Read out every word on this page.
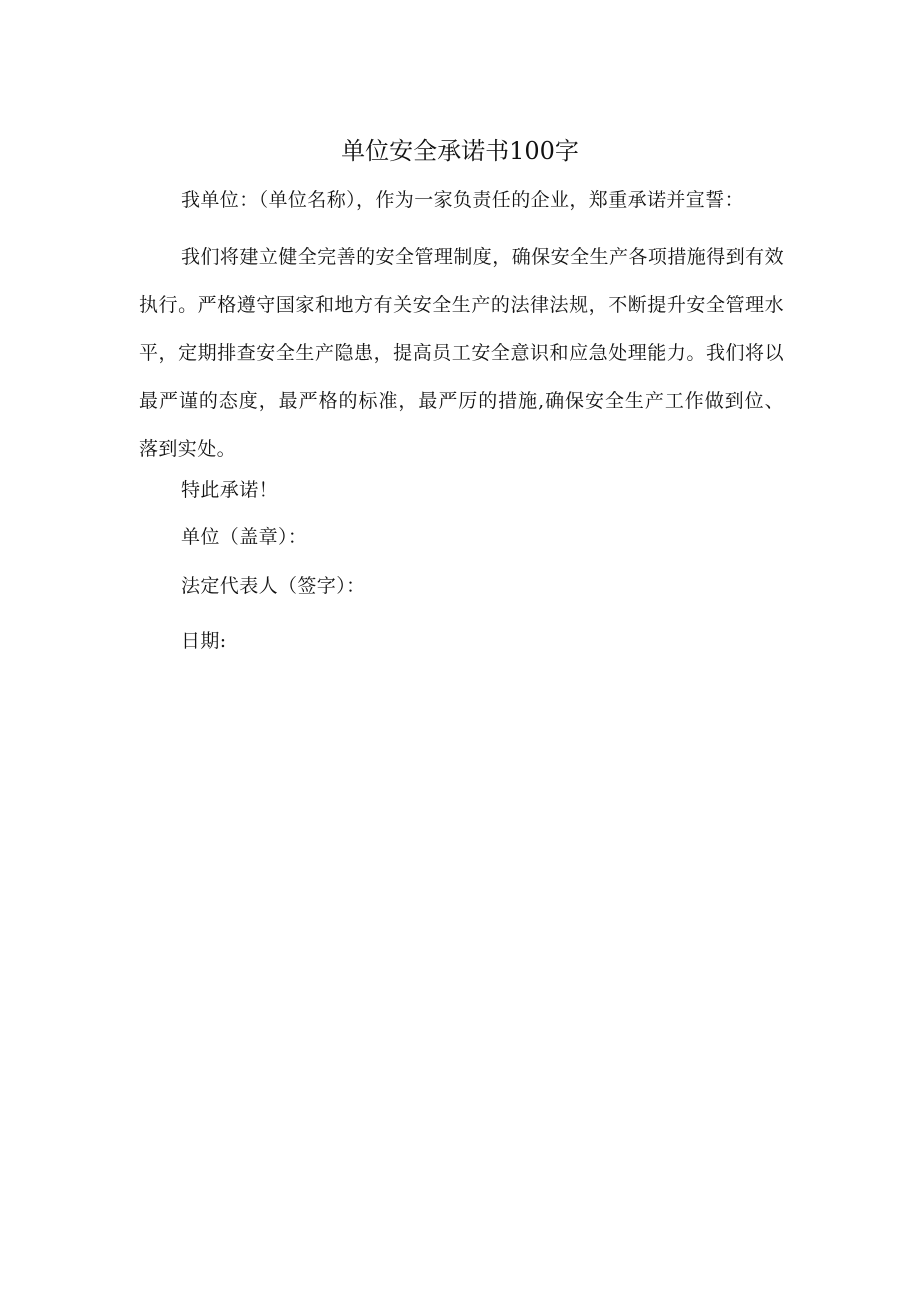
单位安全承诺书100字
我单位：（单位名称），作为一家负责任的企业，郑重承诺并宣誓：
我们将建立健全完善的安全管理制度，确保安全生产各项措施得到有效执行。严格遵守国家和地方有关安全生产的法律法规，不断提升安全管理水平，定期排查安全生产隐患，提高员工安全意识和应急处理能力。我们将以最严谨的态度，最严格的标准，最严厉的措施,确保安全生产工作做到位、落到实处。
特此承诺！
单位（盖章）：
法定代表人（签字）：
日期:
